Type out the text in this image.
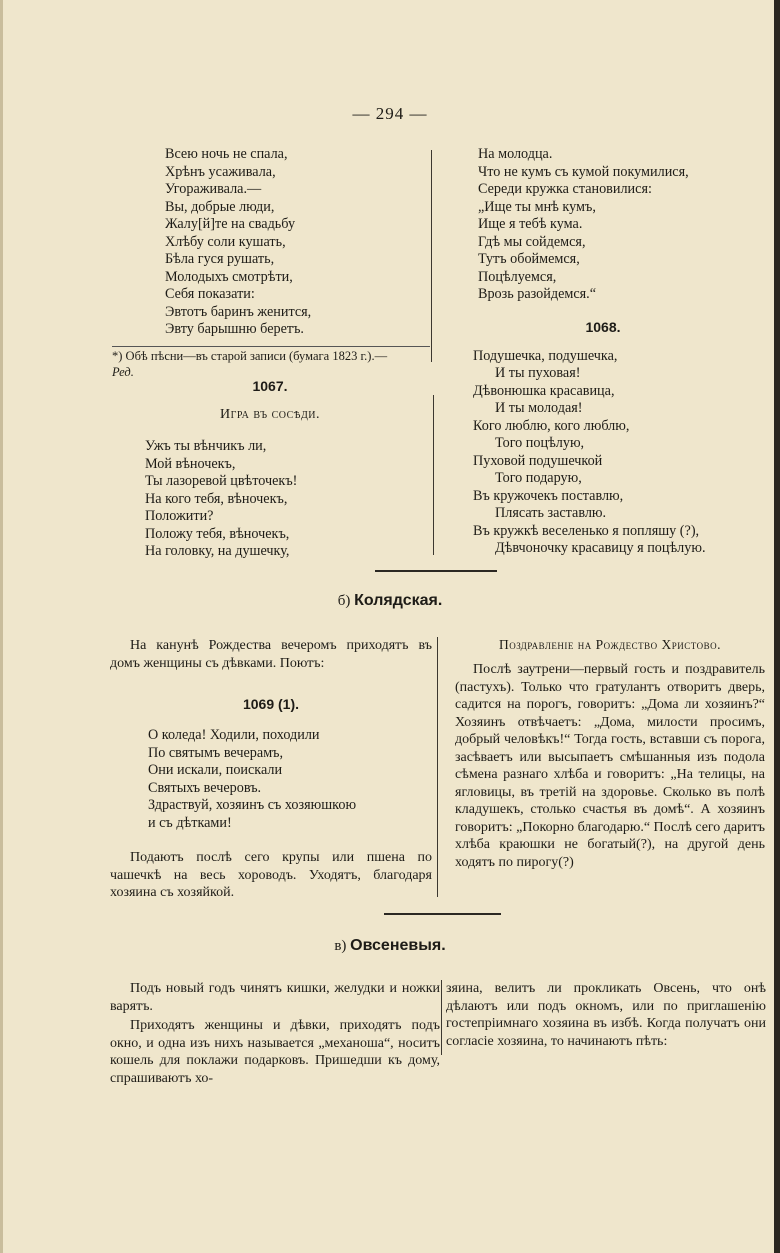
— 294 —
Всею ночь не спала,
Хрѣнъ усаживала,
Угораживала.—
Вы, добрые люди,
Жалу[й]те на свадьбу
Хлѣбу соли кушать,
Бѣла гуся рушать,
Молодыхъ смотрѣти,
Себя показати:
Эвтотъ баринъ женится,
Эвту барышню беретъ.
*) Обѣ пѣсни—въ старой записи (бумага 1823 г.).—
Ред.
1067.
Игра въ сосѣди.
Ужъ ты вѣнчикъ ли,
Мой вѣночекъ,
Ты лазоревой цвѣточекъ!
На кого тебя, вѣночекъ,
Положити?
Положу тебя, вѣночекъ,
На головку, на душечку,
На молодца.
Что не кумъ съ кумой покумилися,
Середи кружка становилися:
„Ище ты мнѣ кумъ,
Ище я тебѣ кума.
Гдѣ мы сойдемся,
Тутъ обоймемся,
Поцѣлуемся,
Врозь разойдемся.“
1068.
Подушечка, подушечка,
И ты пуховая!
Дѣвонюшка красавица,
И ты молодая!
Кого люблю, кого люблю,
Того поцѣлую,
Пуховой подушечкой
Того подарую,
Въ кружочекъ поставлю,
Плясать заставлю.
Въ кружкѣ веселенько я попляшу (?),
Дѣвчоночку красавицу я поцѣлую.
б) Колядская.

На канунѣ Рождества вечеромъ приходятъ въ домъ женщины съ дѣвками. Поютъ:

1069 (1).
О коледа! Ходили, походили
По святымъ вечерамъ,
Они искали, поискали
Святыхъ вечеровъ.
Здраствуй, хозяинъ съ хозяюшкою
и съ дѣтками!

Подаютъ послѣ сего крупы или пшена по чашечкѣ на весь хороводъ. Уходятъ, благодаря хозяина съ хозяйкой.

Поздравленіе на Рождество Христово.

Послѣ заутрени—первый гость и поздравитель (пастухъ). Только что гратулантъ отворитъ дверь, садится на порогъ, говоритъ: „Дома ли хозяинъ?“ Хозяинъ отвѣчаетъ: „Дома, милости просимъ, добрый человѣкъ!“ Тогда гость, вставши съ порога, засѣваетъ или высыпаетъ смѣшанныя изъ подола сѣмена разнаго хлѣба и говоритъ: „На телицы, на ягловицы, въ третій на здоровье. Сколько въ полѣ кладушекъ, столько счастья въ домѣ“. А хозяинъ говоритъ: „Покорно благодарю.“ Послѣ сего даритъ хлѣба краюшки не богатый(?), на другой день ходятъ по пирогу(?)

в) Овсеневыя.

Подъ новый годъ чинятъ кишки, желудки и ножки варятъ.

Приходятъ женщины и дѣвки, приходятъ подъ окно, и одна изъ нихъ называется „механоша“, носитъ кошель для поклажи подарковъ. Пришедши къ дому, спрашиваютъ хо-

зяина, велитъ ли прокликать Овсень, что онѣ дѣлаютъ или подъ окномъ, или по приглашенію гостепріимнаго хозяина въ избѣ. Когда получатъ они согласіе хозяина, то начинаютъ пѣть:
